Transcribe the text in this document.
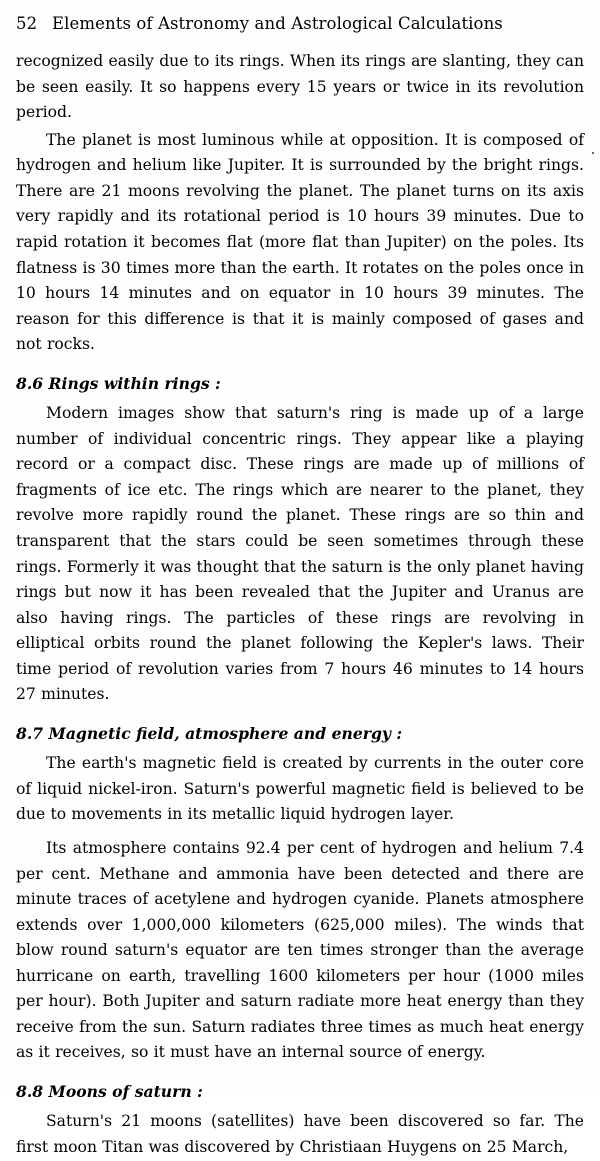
52 Elements of Astronomy and Astrological Calculations

recognized easily due to its rings. When its rings are slanting, they can be seen easily. It so happens every 15 years or twice in its revolution period.

The planet is most luminous while at opposition. It is composed of hydrogen and helium like Jupiter. It is surrounded by the bright rings. There are 21 moons revolving the planet. The planet turns on its axis very rapidly and its rotational period is 10 hours 39 minutes. Due to rapid rotation it becomes flat (more flat than Jupiter) on the poles. Its flatness is 30 times more than the earth. It rotates on the poles once in 10 hours 14 minutes and on equator in 10 hours 39 minutes. The reason for this difference is that it is mainly composed of gases and not rocks.

8.6 Rings within rings :

Modern images show that saturn's ring is made up of a large number of individual concentric rings. They appear like a playing record or a compact disc. These rings are made up of millions of fragments of ice etc. The rings which are nearer to the planet, they revolve more rapidly round the planet. These rings are so thin and transparent that the stars could be seen sometimes through these rings. Formerly it was thought that the saturn is the only planet having rings but now it has been revealed that the Jupiter and Uranus are also having rings. The particles of these rings are revolving in elliptical orbits round the planet following the Kepler's laws. Their time period of revolution varies from 7 hours 46 minutes to 14 hours 27 minutes.

8.7 Magnetic field, atmosphere and energy :

The earth's magnetic field is created by currents in the outer core of liquid nickel-iron. Saturn's powerful magnetic field is believed to be due to movements in its metallic liquid hydrogen layer.

Its atmosphere contains 92.4 per cent of hydrogen and helium 7.4 per cent. Methane and ammonia have been detected and there are minute traces of acetylene and hydrogen cyanide. Planets atmosphere extends over 1,000,000 kilometers (625,000 miles). The winds that blow round saturn's equator are ten times stronger than the average hurricane on earth, travelling 1600 kilometers per hour (1000 miles per hour). Both Jupiter and saturn radiate more heat energy than they receive from the sun. Saturn radiates three times as much heat energy as it receives, so it must have an internal source of energy.

8.8 Moons of saturn :

Saturn's 21 moons (satellites) have been discovered so far. The first moon Titan was discovered by Christiaan Huygens on 25 March,
